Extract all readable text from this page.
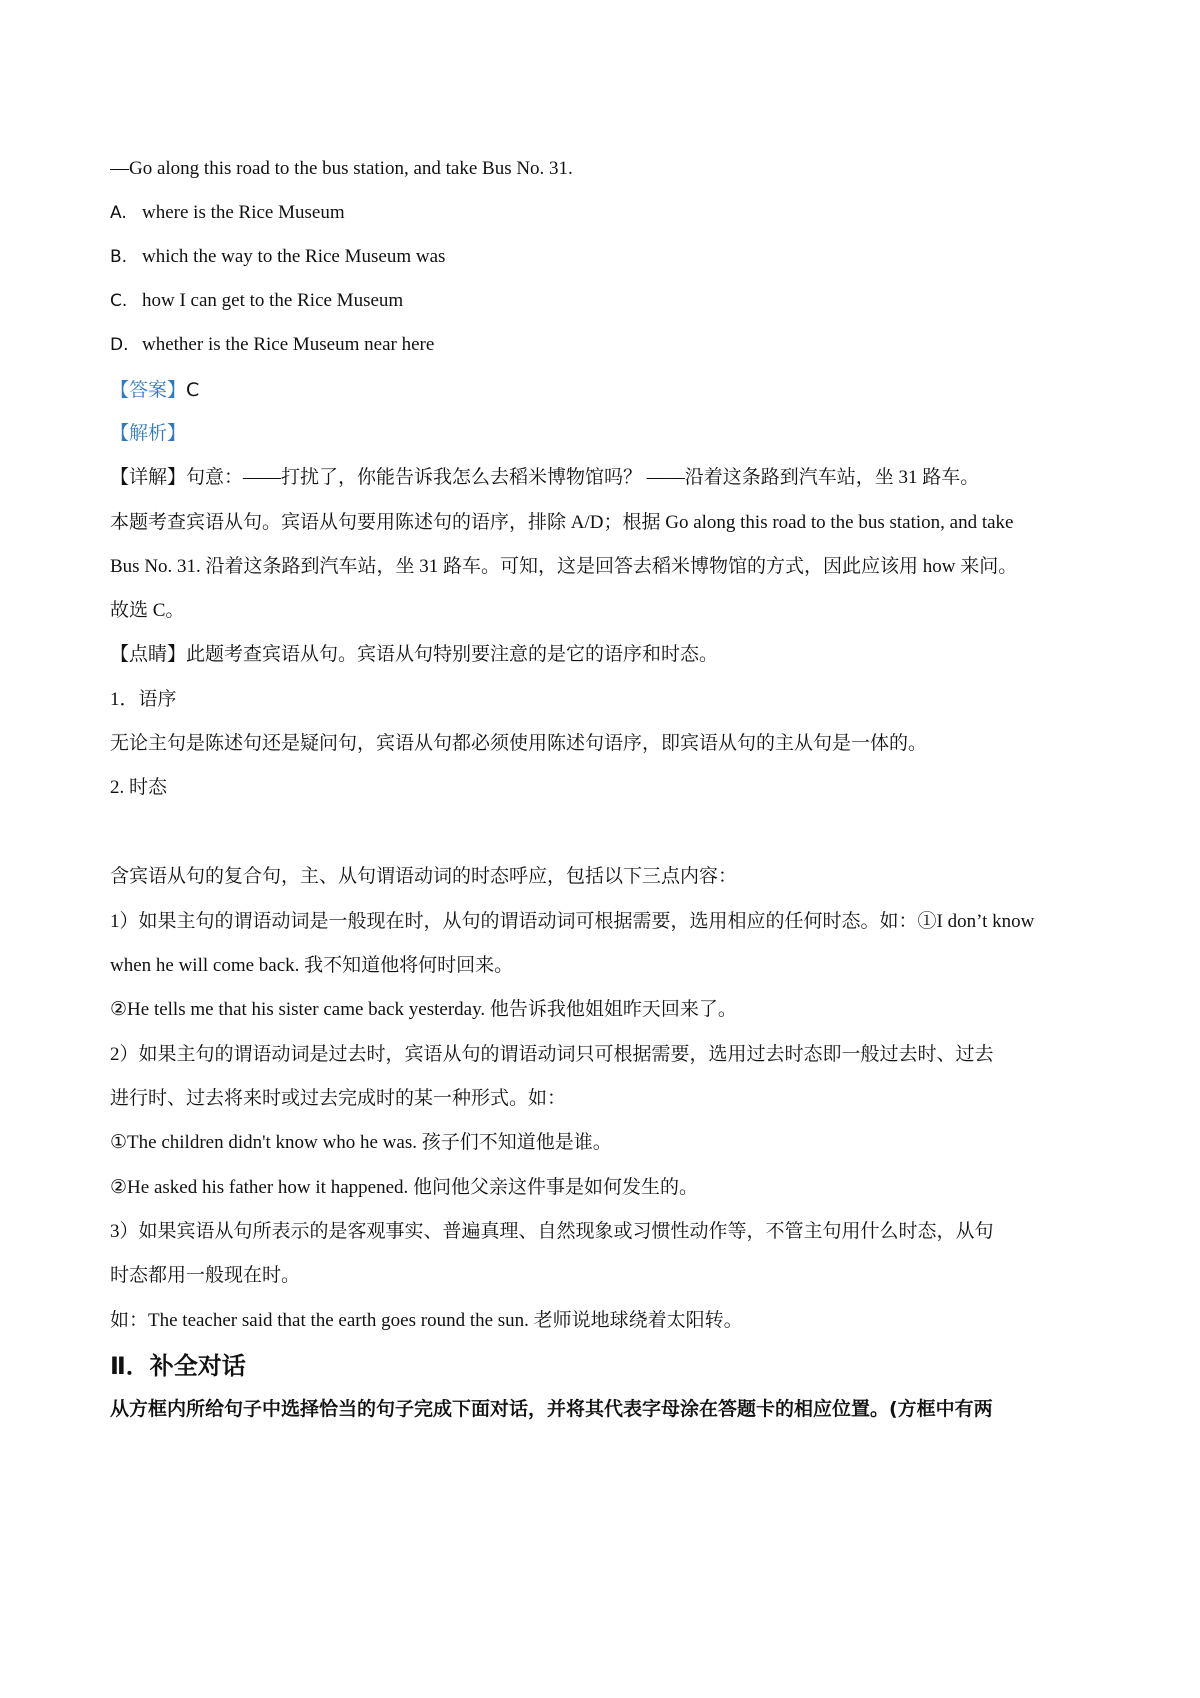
—Go along this road to the bus station, and take Bus No. 31.
A. where is the Rice Museum
B. which the way to the Rice Museum was
C. how I can get to the Rice Museum
D. whether is the Rice Museum near here
【答案】C
【解析】
【详解】句意：——打扰了，你能告诉我怎么去稻米博物馆吗？ ——沿着这条路到汽车站，坐 31 路车。
本题考查宾语从句。宾语从句要用陈述句的语序，排除 A/D；根据 Go along this road to the bus station, and take
Bus No. 31. 沿着这条路到汽车站，坐 31 路车。可知，这是回答去稻米博物馆的方式，因此应该用 how 来问。
故选 C。
【点睛】此题考查宾语从句。宾语从句特别要注意的是它的语序和时态。
1．语序
无论主句是陈述句还是疑问句，宾语从句都必须使用陈述句语序，即宾语从句的主从句是一体的。
2. 时态
含宾语从句的复合句，主、从句谓语动词的时态呼应，包括以下三点内容：
1）如果主句的谓语动词是一般现在时，从句的谓语动词可根据需要，选用相应的任何时态。如：①I don’t know
when he will come back. 我不知道他将何时回来。
②He tells me that his sister came back yesterday. 他告诉我他姐姐昨天回来了。
2）如果主句的谓语动词是过去时，宾语从句的谓语动词只可根据需要，选用过去时态即一般过去时、过去
进行时、过去将来时或过去完成时的某一种形式。如：
①The children didn't know who he was. 孩子们不知道他是谁。
②He asked his father how it happened. 他问他父亲这件事是如何发生的。
3）如果宾语从句所表示的是客观事实、普遍真理、自然现象或习惯性动作等，不管主句用什么时态，从句
时态都用一般现在时。
如：The teacher said that the earth goes round the sun. 老师说地球绕着太阳转。
Ⅱ．补全对话
从方框内所给句子中选择恰当的句子完成下面对话，并将其代表字母涂在答题卡的相应位置。(方框中有两
